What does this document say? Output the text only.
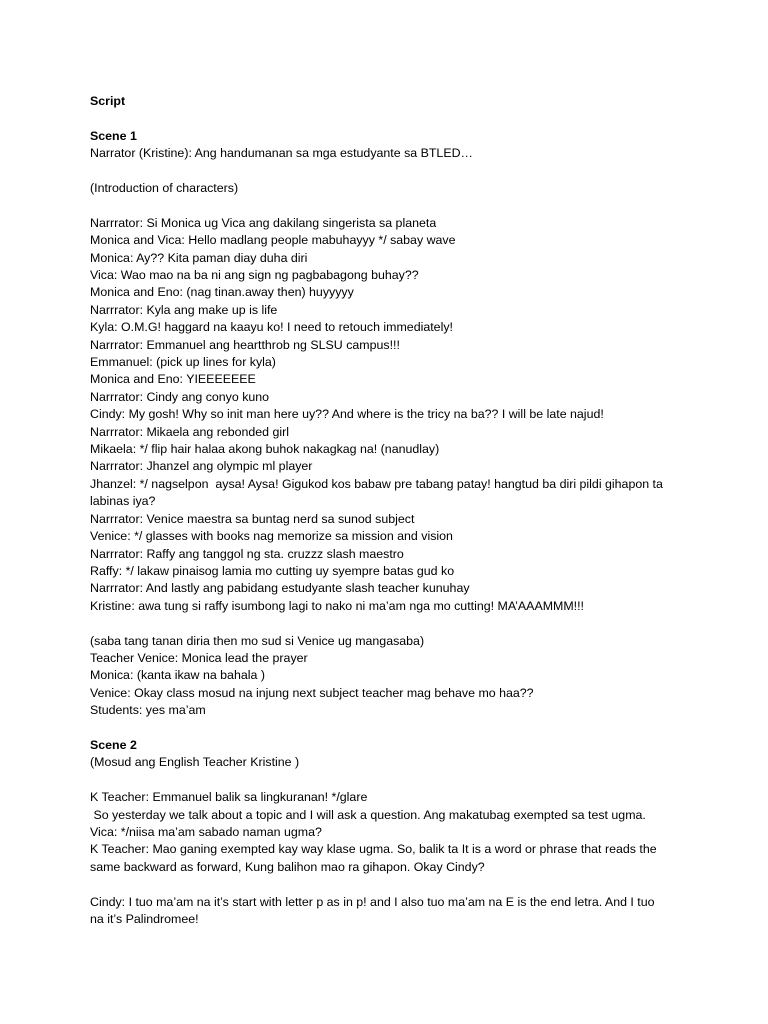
Script

Scene 1

Narrator (Kristine): Ang handumanan sa mga estudyante sa BTLED…

(Introduction of characters)

Narrrator: Si Monica ug Vica ang dakilang singerista sa planeta

Monica and Vica: Hello madlang people mabuhayyy */ sabay wave

Monica: Ay?? Kita paman diay duha diri

Vica: Wao mao na ba ni ang sign ng pagbabagong buhay??

Monica and Eno: (nag tinan.away then) huyyyyy

Narrrator: Kyla ang make up is life

Kyla: O.M.G! haggard na kaayu ko! I need to retouch immediately!

Narrrator: Emmanuel ang heartthrob ng SLSU campus!!!

Emmanuel: (pick up lines for kyla)

Monica and Eno: YIEEEEEEE

Narrrator: Cindy ang conyo kuno

Cindy: My gosh! Why so init man here uy?? And where is the tricy na ba?? I will be late najud!

Narrrator: Mikaela ang rebonded girl

Mikaela: */ flip hair halaa akong buhok nakagkag na! (nanudlay)

Narrrator: Jhanzel ang olympic ml player

Jhanzel: */ nagselpon  aysa! Aysa! Gigukod kos babaw pre tabang patay! hangtud ba diri pildi gihapon ta

labinas iya?

Narrrator: Venice maestra sa buntag nerd sa sunod subject

Venice: */ glasses with books nag memorize sa mission and vision

Narrrator: Raffy ang tanggol ng sta. cruzzz slash maestro

Raffy: */ lakaw pinaisog lamia mo cutting uy syempre batas gud ko

Narrrator: And lastly ang pabidang estudyante slash teacher kunuhay

Kristine: awa tung si raffy isumbong lagi to nako ni ma’am nga mo cutting! MA’AAAMMM!!!

(saba tang tanan diria then mo sud si Venice ug mangasaba)

Teacher Venice: Monica lead the prayer

Monica: (kanta ikaw na bahala )

Venice: Okay class mosud na injung next subject teacher mag behave mo haa??

Students: yes ma’am

Scene 2

(Mosud ang English Teacher Kristine )

K Teacher: Emmanuel balik sa lingkuranan! */glare

So yesterday we talk about a topic and I will ask a question. Ang makatubag exempted sa test ugma.

Vica: */niisa ma’am sabado naman ugma?

K Teacher: Mao ganing exempted kay way klase ugma. So, balik ta It is a word or phrase that reads the

same backward as forward, Kung balihon mao ra gihapon. Okay Cindy?

Cindy: I tuo ma’am na it’s start with letter p as in p! and I also tuo ma’am na E is the end letra. And I tuo

na it’s Palindromee!
